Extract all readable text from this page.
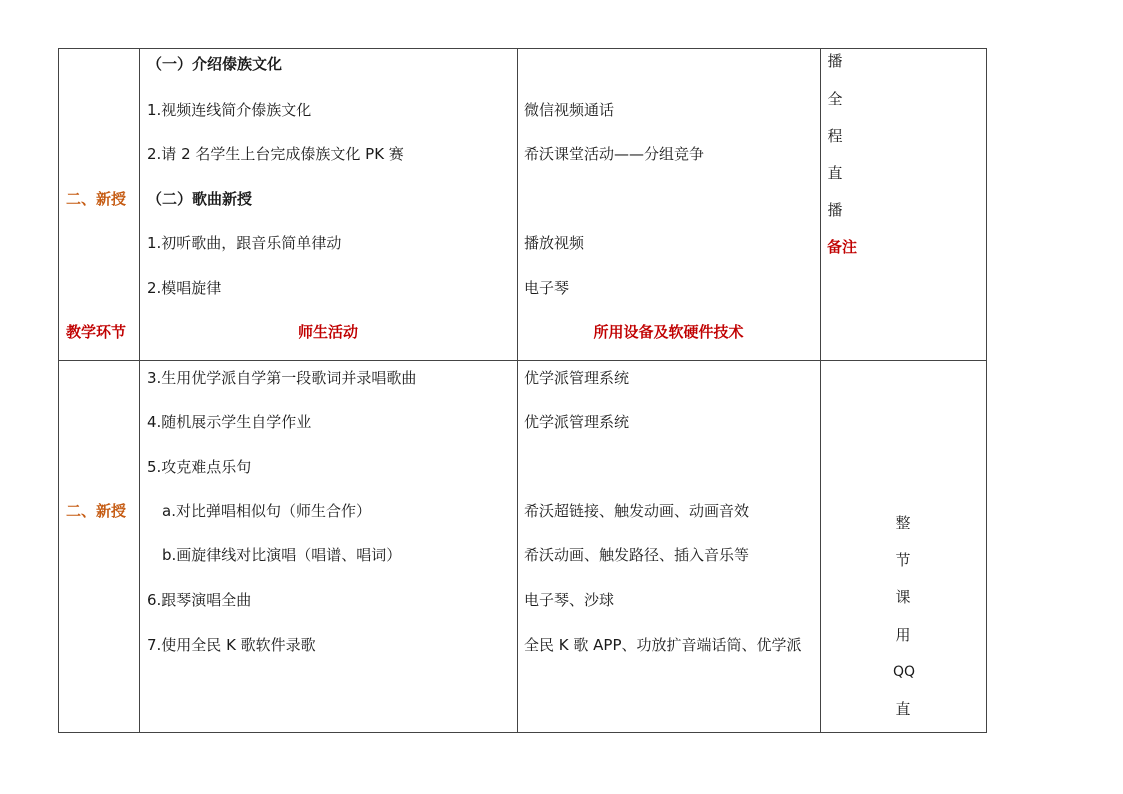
二、新授
（一）介绍傣族文化
1.视频连线简介傣族文化
2.请 2 名学生上台完成傣族文化 PK 赛
（二）歌曲新授
1.初听歌曲，跟音乐简单律动
2.模唱旋律
微信视频通话
希沃课堂活动——分组竞争
播放视频
电子琴
播
全
程
直
播
备注
教学环节	师生活动	所用设备及软硬件技术
二、新授
3.生用优学派自学第一段歌词并录唱歌曲
4.随机展示学生自学作业
5.攻克难点乐句
a.对比弹唱相似句（师生合作）
b.画旋律线对比演唱（唱谱、唱词）
6.跟琴演唱全曲
7.使用全民 K 歌软件录歌
优学派管理系统
优学派管理系统
希沃超链接、触发动画、动画音效
希沃动画、触发路径、插入音乐等
电子琴、沙球
全民 K 歌 APP、功放扩音端话筒、优学派
整
节
课
用
QQ
直
